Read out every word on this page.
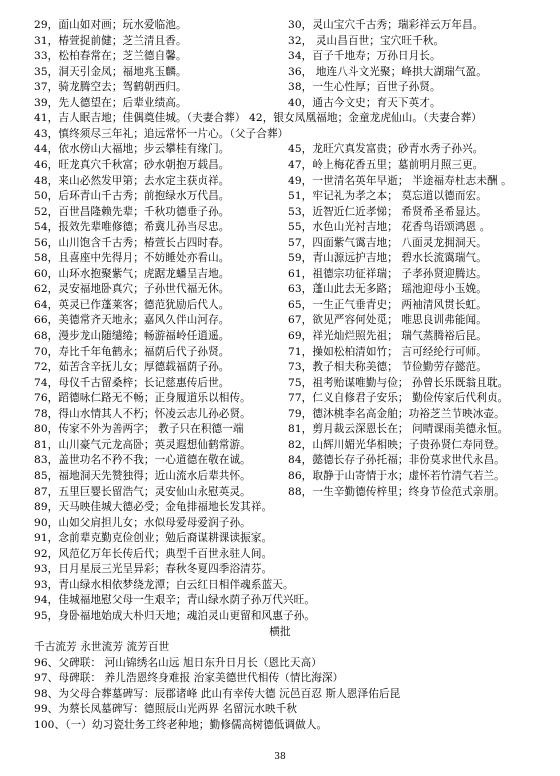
29，面山如对画；玩水爱临池。	30，灵山宝穴千古秀；瑞彩祥云万年昌。
31，椿萱捉前健；芝兰清且香。	32， 灵山昌百世；宝穴旺千秋。
33，松柏春常在；芝兰德自馨。	34，百子千地寿；万孙日月长。
35，洞天引金凤；福地兆玉麟。	36， 地连八斗文光聚；峰拱大湖瑞气盈。
37，骑龙腾空去；驾鹤朝西归。	38，一生心性厚；百世子孙贤。
39，先人德望在；后辈业绩高。	40，通古今文史；育天下英才。
41，吉人眠吉地；佳偶奠佳城。（夫妻合葬） 42，银女凤凰福地；金童龙虎仙山。（夫妻合葬）
43，慎终须尽三年礼；追远常怀一片心。（父子合葬）
44，依水傍山大福地；步云攀桂有缘门。	45，龙旺穴真发富贵；砂青水秀子孙兴。
46，旺龙真穴千秋富；砂水朝抱万载昌。	47，岭上梅花香五里；墓前明月照三更。
48，来山必然发甲第；去水定主获贞祥。	49，一世清名英年早逝； 半途福寿杜志未酬 。
50，后环青山千古秀；前抱绿水万代昌。	51，牢记礼为孝之本； 莫忘道以德而宏。
52，百世昌隆赖先辈；千秋功德垂子孙。	53，近智近仁近孝悌； 希贤希圣希显达。
54，报效先辈唯修德；希冀儿孙当尽忠。	55，水色山光衬吉地； 花香鸟语颂鸿恩 。
56，山川饱含千古秀；椿萱长占四时春。	57，四面紫气霭吉地； 八面灵龙拥洞天。
58，且喜座中先得月；不妨睡处亦看山。	59，青山源远护吉地； 碧水长流霭瑞气。
60，山环水抱聚紫气；虎踞龙蟠呈吉地。	61，祖德宗功征祥瑞； 子孝孙贤迎腾达。
62，灵安福地卧真穴；子孙世代福无休。	63，蓬山此去无多路； 瑶池迎母小玉娩。
64，英灵已作蓬莱客；德范犹励后代人。	65，一生正气垂青史； 两袖清风贯长虹。
66，美德常齐天地永；嘉风久伴山河存。	67，欲见严容何处觅； 唯思良训弗能闻。
68，漫步龙山随缱绻；畅游福岭任逍遥。	69，祥光灿烂照先祖； 瑞气蒸腾裕后昆。
70，寿比千年龟鹤永；福荫后代子孙贤。	71，操如松柏清如竹； 言可经纶行可师。
72，茹苦含辛抚儿女；厚德载福荫子孙。	73，教子相夫称美德； 节俭勤劳存懿范。
74，母仪千古留桑梓；长记慈惠传后世。	75，祖考贻谋唯勤与俭； 孙曾长乐既翁且耽。
76，蹈德咏仁路无不畅；正身履道乐以相传。	77，仁义自修君子安乐； 勤俭传家后代利贞。
78，得山水情其人不朽；怀凌云志儿孙必贤。	79，德沐桃李名高金舶；功裕芝兰节映冰壶。
80，传家不外为善两字； 教子只在积德一端	81，剪月裁云深恩长在； 问晴课雨美德永恒。
81，山川豪气元龙高卧；英灵遐想仙鹤常游。	82，山辉川媚光华相映；子贵孙贤仁寿同登。
83，盖世功名不矜不我；一心道德在敬在诚。	84，懿德长存子孙托福；非份莫求世代永昌。
85，福地洞天先赞独得；近山流水后辈共怀。	86，取静于山寄情于水；虚怀若竹清气若兰。
87，五里巨婴长留浩气；灵安仙山永慰英灵。	88，一生辛勤德传梓里；终身节俭范式亲朋。
89，天马映佳城大德必受；金龟排福地长发其祥。
90，山如父肩担儿女；水似母爱母爱润子孙。
91，念前辈克勤克俭创业；勉后裔谋耕课读振家。
92，风范亿万年长传后代；典型千百世永驻人间。
93，日月星辰三光呈异彩；春秋冬夏四季浴清芬。
93，青山绿水相依梦绕龙潭；白云红日相伴魂系蓝天。
94，佳城福地慰父母一生艰辛；青山绿水荫子孙万代兴旺。
95，身卧福地始成大朴归天地；魂泊灵山更留和风惠子孙。
横批
千古流芳 永世流芳 流芳百世
96、父碑联： 河山锦绣名山远 旭日东升日月长（恩比天高）
97、母碑联： 养儿浩恩终身难报 治家美德世代相传（情比海深）
98、为父母合葬墓碑写：辰郡诸峰 此山有幸传大德 沅邑百忍 斯人恩泽佑后昆
99、为蔡长凤墓碑写：德照辰山光两界 名留沅水映千秋
100、（一）幼习瓷壮务工终老种地；勤修儒高树德低调做人。
38
